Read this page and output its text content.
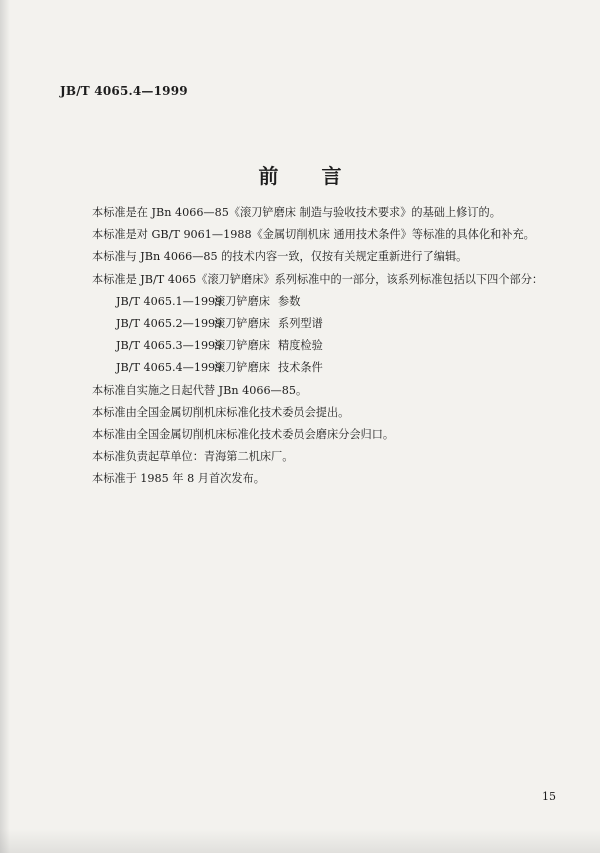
JB/T 4065.4—1999
前 言
本标准是在 JBn 4066—85《滚刀铲磨床 制造与验收技术要求》的基础上修订的。
本标准是对 GB/T 9061—1988《金属切削机床 通用技术条件》等标准的具体化和补充。
本标准与 JBn 4066—85 的技术内容一致，仅按有关规定重新进行了编辑。
本标准是 JB/T 4065《滚刀铲磨床》系列标准中的一部分，该系列标准包括以下四个部分：
JB/T 4065.1—1999滚刀铲磨床 参数
JB/T 4065.2—1999滚刀铲磨床 系列型谱
JB/T 4065.3—1999滚刀铲磨床 精度检验
JB/T 4065.4—1999滚刀铲磨床 技术条件
本标准自实施之日起代替 JBn 4066—85。
本标准由全国金属切削机床标准化技术委员会提出。
本标准由全国金属切削机床标准化技术委员会磨床分会归口。
本标准负责起草单位：青海第二机床厂。
本标准于 1985 年 8 月首次发布。
15
